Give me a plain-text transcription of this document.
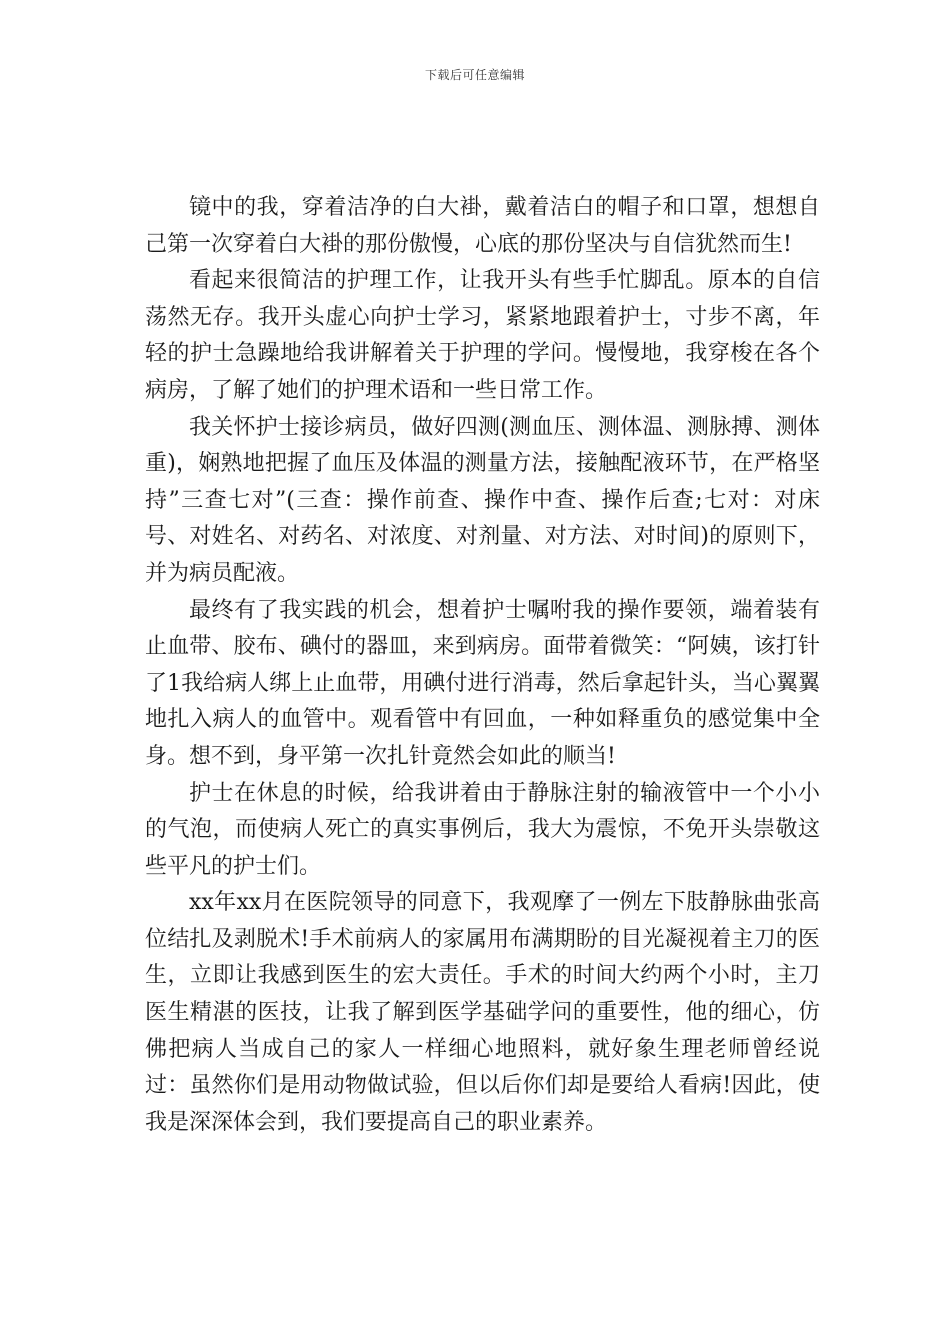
下载后可任意编辑

镜中的我，穿着洁净的白大褂，戴着洁白的帽子和口罩，想想自己第一次穿着白大褂的那份傲慢，心底的那份坚决与自信犹然而生!

看起来很简洁的护理工作，让我开头有些手忙脚乱。原本的自信荡然无存。我开头虚心向护士学习，紧紧地跟着护士，寸步不离，年轻的护士急躁地给我讲解着关于护理的学问。慢慢地，我穿梭在各个病房，了解了她们的护理术语和一些日常工作。

我关怀护士接诊病员，做好四测(测血压、测体温、测脉搏、测体重)，娴熟地把握了血压及体温的测量方法，接触配液环节，在严格坚持”三查七对”(三查：操作前查、操作中查、操作后查;七对：对床号、对姓名、对药名、对浓度、对剂量、对方法、对时间)的原则下，并为病员配液。

最终有了我实践的机会，想着护士嘱咐我的操作要领，端着装有止血带、胶布、碘付的器皿，来到病房。面带着微笑：“阿姨，该打针了1我给病人绑上止血带，用碘付进行消毒，然后拿起针头，当心翼翼地扎入病人的血管中。观看管中有回血，一种如释重负的感觉集中全身。想不到，身平第一次扎针竟然会如此的顺当!

护士在休息的时候，给我讲着由于静脉注射的输液管中一个小小的气泡，而使病人死亡的真实事例后，我大为震惊，不免开头崇敬这些平凡的护士们。

xx年xx月在医院领导的同意下，我观摩了一例左下肢静脉曲张高位结扎及剥脱术!手术前病人的家属用布满期盼的目光凝视着主刀的医生，立即让我感到医生的宏大责任。手术的时间大约两个小时，主刀医生精湛的医技，让我了解到医学基础学问的重要性，他的细心，仿佛把病人当成自己的家人一样细心地照料，就好象生理老师曾经说过：虽然你们是用动物做试验，但以后你们却是要给人看病!因此，使我是深深体会到，我们要提高自己的职业素养。
